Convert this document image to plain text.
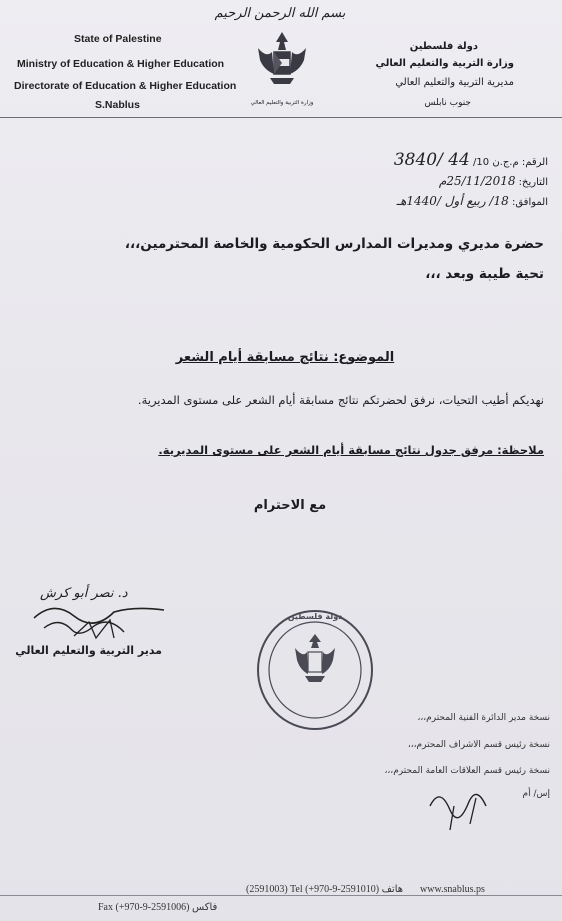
بسم الله الرحمن الرحيم
State of Palestine
Ministry of Education & Higher Education
Directorate of Education & Higher Education
S.Nablus	وزارة التربية والتعليم العالي
دولة فلسطين
وزارة التربية والتعليم العالي
مديرية التربية والتعليم العالي
جنوب نابلس
الرقم: م.ج.ن 10/ 3840/ 44
التاريخ: 25/11/2018م
الموافق: 18/ ربيع أول /1440هـ
حضرة مديري ومديرات المدارس الحكومية والخاصة المحترمين،،،
تحية طيبة وبعد ،،،
الموضوع: نتائج مسابقة أيام الشعر
نهديكم أطيب التحيات، نرفق لحضرتكم نتائج مسابقة أيام الشعر على مستوى المديرية.
ملاحظة: مرفق جدول نتائج مسابقة أيام الشعر على مستوى المديرية.
مع الاحترام
د. نصر أبو كرش
مدير التربية والتعليم العالي
دولة فلسطين
نسخة مدير الدائرة الفنية المحترم،،،
نسخة رئيس قسم الاشراف المحترم،،،
نسخة رئيس قسم العلاقات العامة المحترم،،،
إس/ أم
Fax (+970-9-2591006) فاكس
(2591003) Tel (+970-9-2591010) هاتف www.snablus.ps
